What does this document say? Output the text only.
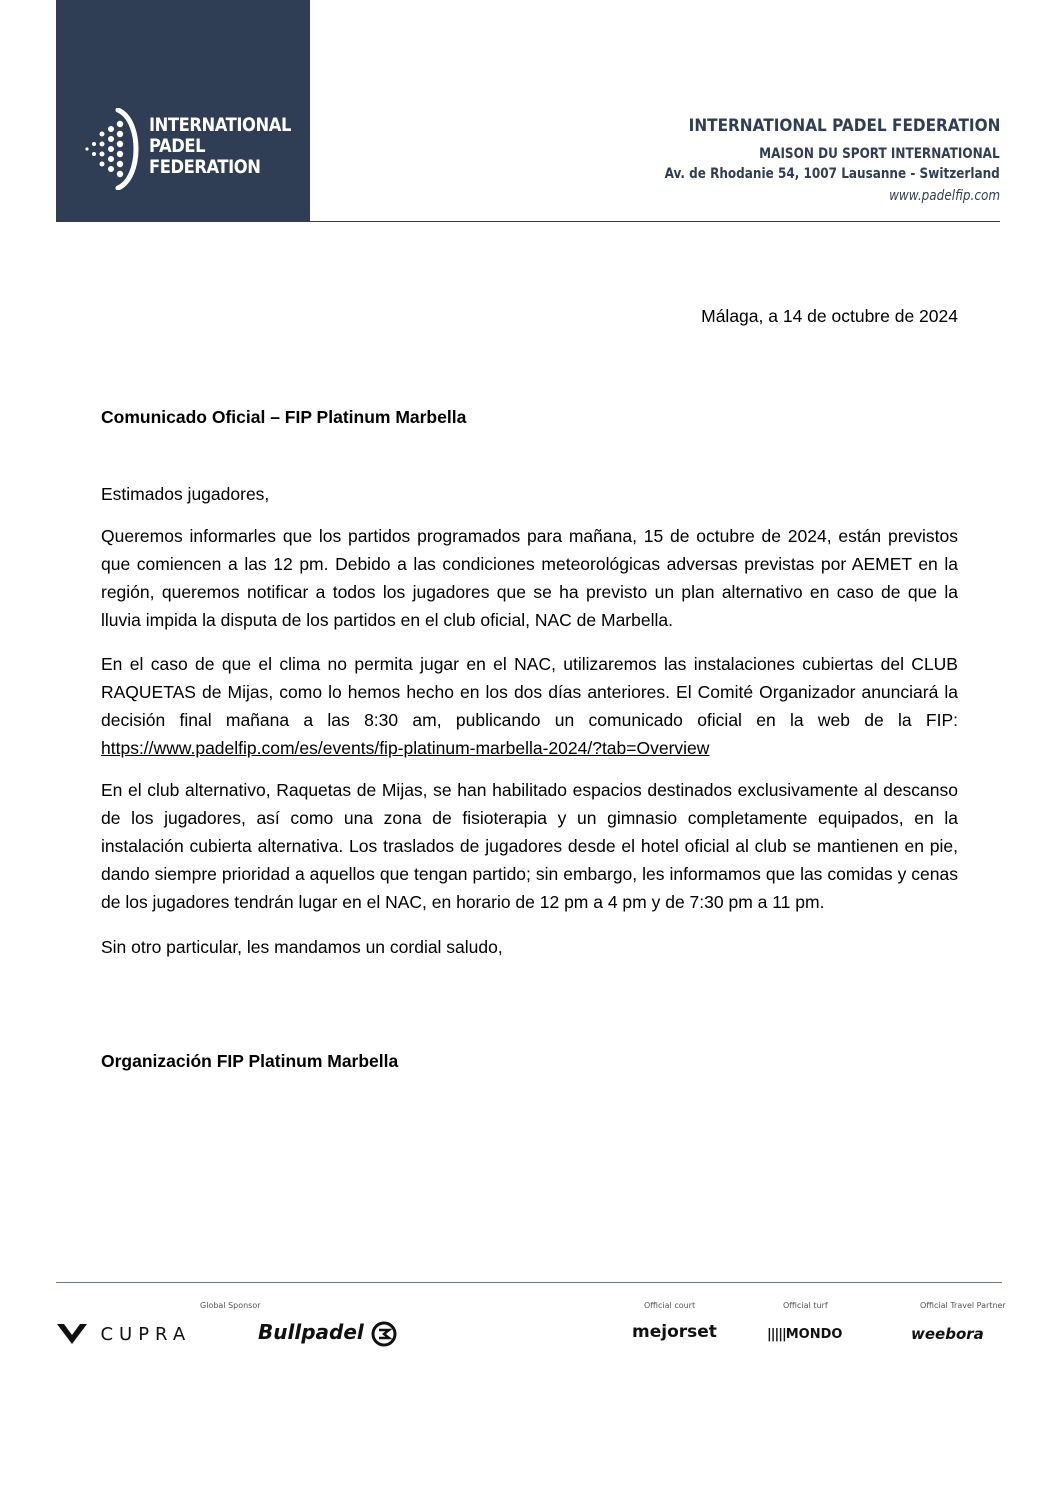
INTERNATIONAL
PADEL
FEDERATION
INTERNATIONAL PADEL FEDERATION
MAISON DU SPORT INTERNATIONAL
Av. de Rhodanie 54, 1007 Lausanne - Switzerland
www.padelfip.com
Málaga, a 14 de octubre de 2024
Comunicado Oficial – FIP Platinum Marbella
Estimados jugadores,
Queremos informarles que los partidos programados para mañana, 15 de octubre de 2024, están previstos que comiencen a las 12 pm. Debido a las condiciones meteorológicas adversas previstas por AEMET en la región, queremos notificar a todos los jugadores que se ha previsto un plan alternativo en caso de que la lluvia impida la disputa de los partidos en el club oficial, NAC de Marbella.
En el caso de que el clima no permita jugar en el NAC, utilizaremos las instalaciones cubiertas del CLUB RAQUETAS de Mijas, como lo hemos hecho en los dos días anteriores. El Comité Organizador anunciará la decisión final mañana a las 8:30 am, publicando un comunicado oficial en la web de la FIP: https://www.padelfip.com/es/events/fip-platinum-marbella-2024/?tab=Overview
En el club alternativo, Raquetas de Mijas, se han habilitado espacios destinados exclusivamente al descanso de los jugadores, así como una zona de fisioterapia y un gimnasio completamente equipados, en la instalación cubierta alternativa. Los traslados de jugadores desde el hotel oficial al club se mantienen en pie, dando siempre prioridad a aquellos que tengan partido; sin embargo, les informamos que las comidas y cenas de los jugadores tendrán lugar en el NAC, en horario de 12 pm a 4 pm y de 7:30 pm a 11 pm.
Sin otro particular, les mandamos un cordial saludo,
Organización FIP Platinum Marbella
Global Sponsor	Official court	Official turf	Official Travel Partner
CUPRA	Bullpadel	mejorset	|||||MONDO	weebora
